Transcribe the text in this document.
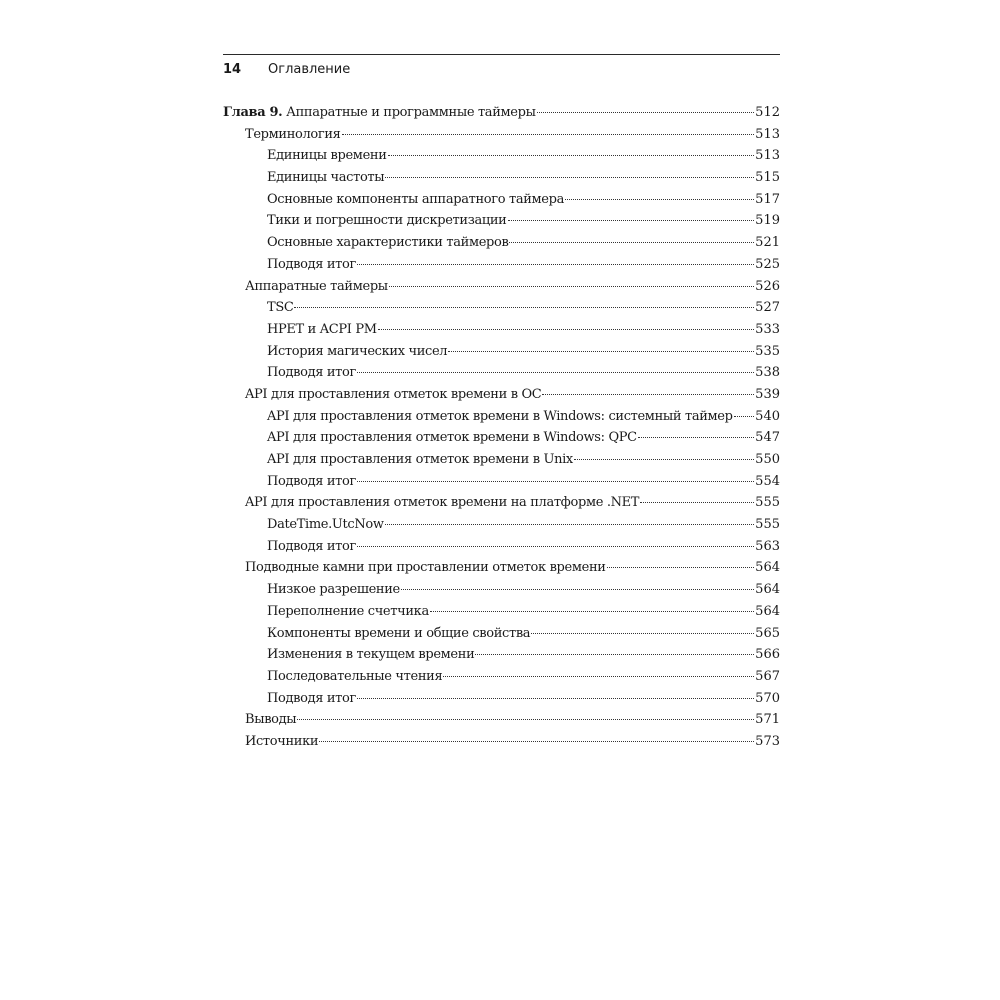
14	Оглавление
Глава 9. Аппаратные и программные таймеры	512
Терминология	513
Единицы времени	513
Единицы частоты	515
Основные компоненты аппаратного таймера	517
Тики и погрешности дискретизации	519
Основные характеристики таймеров	521
Подводя итог	525
Аппаратные таймеры	526
TSC	527
HPET и ACPI PM	533
История магических чисел	535
Подводя итог	538
API для проставления отметок времени в ОС	539
API для проставления отметок времени в Windows: системный таймер 540
API для проставления отметок времени в Windows: QPC	547
API для проставления отметок времени в Unix	550
Подводя итог	554
API для проставления отметок времени на платформе .NET	555
DateTime.UtcNow	555
Подводя итог	563
Подводные камни при проставлении отметок времени	564
Низкое разрешение	564
Переполнение счетчика	564
Компоненты времени и общие свойства	565
Изменения в текущем времени	566
Последовательные чтения	567
Подводя итог	570
Выводы	571
Источники	573
